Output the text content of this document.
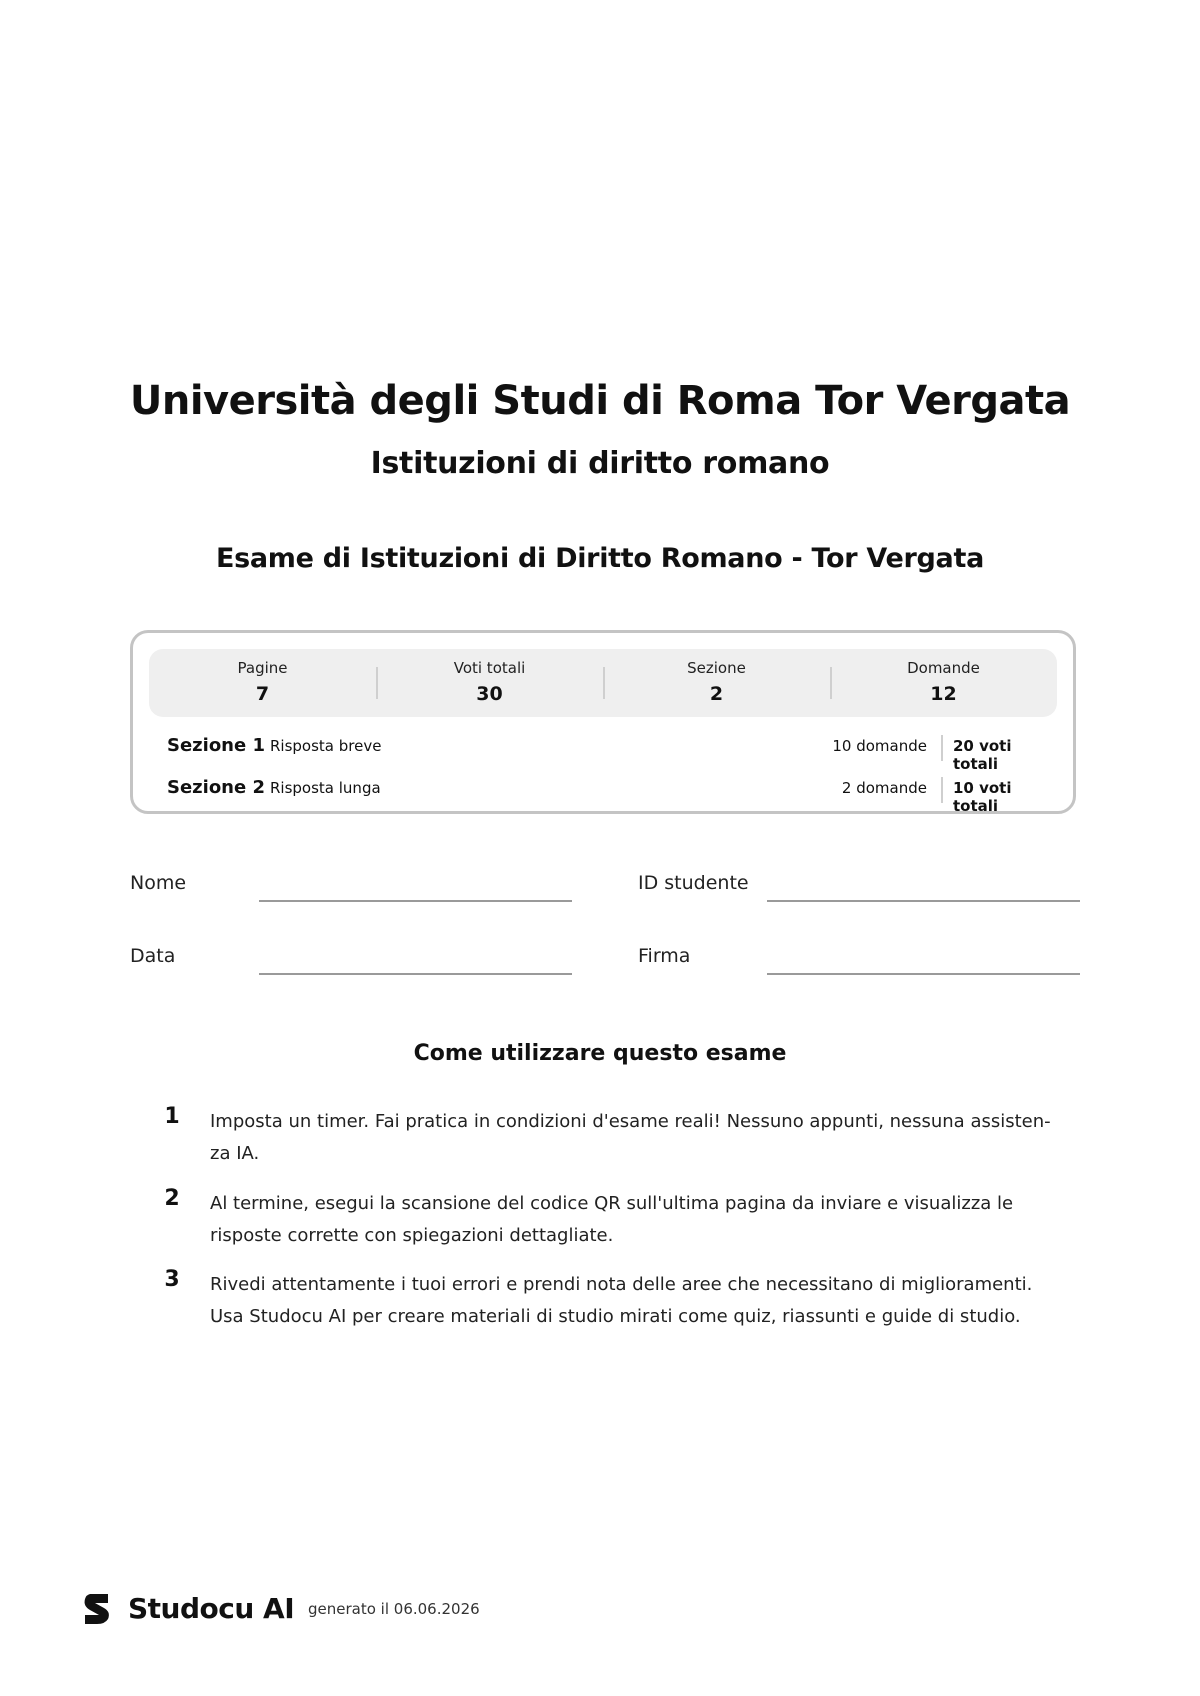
Università degli Studi di Roma Tor Vergata
Istituzioni di diritto romano
Esame di Istituzioni di Diritto Romano - Tor Vergata
Pagine
7
Voti totali
30
Sezione
2
Domande
12
Sezione 1 Risposta breve	10 domande	20 voti totali
Sezione 2 Risposta lunga	2 domande	10 voti totali
Nome	ID studente
Data	Firma
Come utilizzare questo esame
1 Imposta un timer. Fai pratica in condizioni d'esame reali! Nessuno appunti, nessuna assisten- za IA.
2 Al termine, esegui la scansione del codice QR sull'ultima pagina da inviare e visualizza le risposte corrette con spiegazioni dettagliate.
3 Rivedi attentamente i tuoi errori e prendi nota delle aree che necessitano di miglioramenti. Usa Studocu AI per creare materiali di studio mirati come quiz, riassunti e guide di studio.
Studocu AI generato il 06.06.2026
